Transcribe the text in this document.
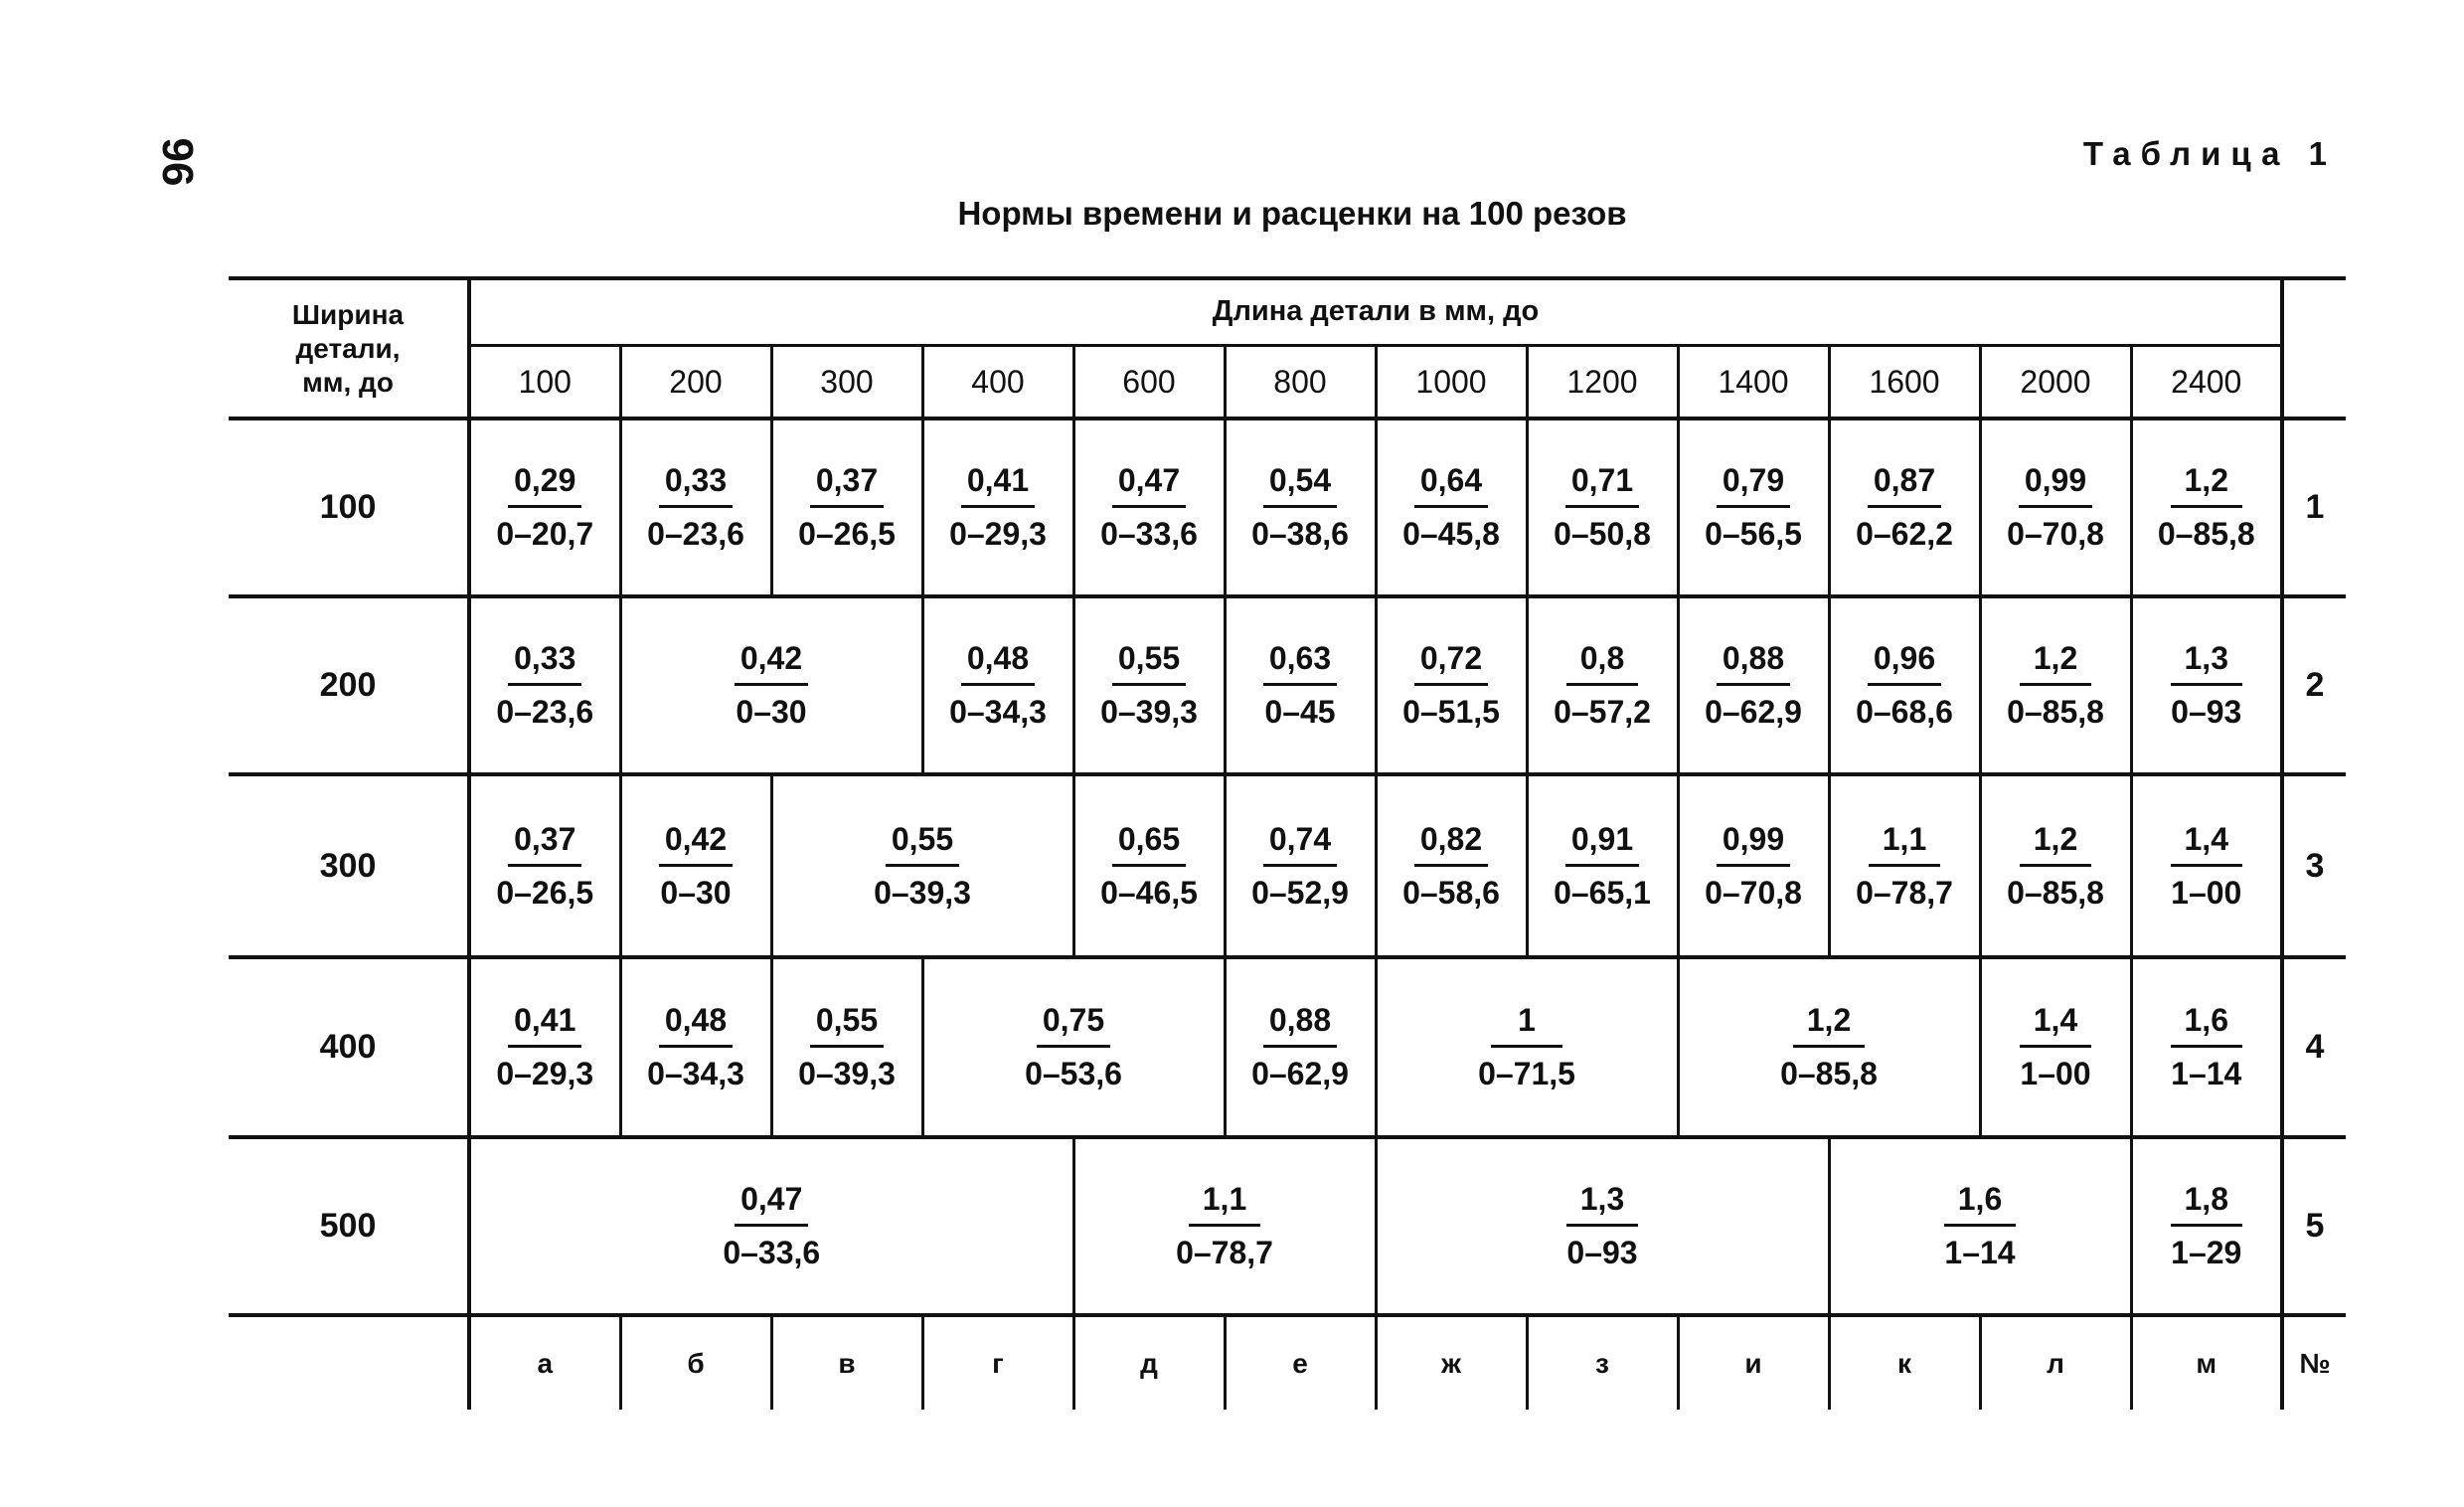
96	Таблица 1
Нормы времени и расценки на 100 резов
Ширина
детали,
мм, до	Длина детали в мм, до												
	100	200	300	400	600	800	1000	1200	1400	1600	2000	2400	
100	$\frac{0,29}{0-20,7}$	$\frac{0,33}{0-23,6}$	$\frac{0,37}{0-26,5}$	$\frac{0,41}{0-29,3}$	$\frac{0,47}{0-33,6}$	$\frac{0,54}{0-38,6}$	$\frac{0,64}{0-45,8}$	$\frac{0,71}{0-50,8}$	$\frac{0,79}{0-56,5}$	$\frac{0,87}{0-62,2}$	$\frac{0,99}{0-70,8}$	$\frac{1,2}{0-85,8}$	1
200	$\frac{0,33}{0-23,6}$	$\frac{0,42}{0-30}$		$\frac{0,48}{0-34,3}$	$\frac{0,55}{0-39,3}$	$\frac{0,63}{0-45}$	$\frac{0,72}{0-51,5}$	$\frac{0,8}{0-57,2}$	$\frac{0,88}{0-62,9}$	$\frac{0,96}{0-68,6}$	$\frac{1,2}{0-85,8}$	$\frac{1,3}{0-93}$	2
300	$\frac{0,37}{0-26,5}$	$\frac{0,42}{0-30}$	$\frac{0,55}{0-39,3}$		$\frac{0,65}{0-46,5}$	$\frac{0,74}{0-52,9}$	$\frac{0,82}{0-58,6}$	$\frac{0,91}{0-65,1}$	$\frac{0,99}{0-70,8}$	$\frac{1,1}{0-78,7}$	$\frac{1,2}{0-85,8}$	$\frac{1,4}{1-00}$	3
400	$\frac{0,41}{0-29,3}$	$\frac{0,48}{0-34,3}$	$\frac{0,55}{0-39,3}$	$\frac{0,75}{0-53,6}$		$\frac{0,88}{0-62,9}$	$\frac{1}{0-71,5}$		$\frac{1,2}{0-85,8}$		$\frac{1,4}{1-00}$	$\frac{1,6}{1-14}$	4
500	$\frac{0,47}{0-33,6}$				$\frac{1,1}{0-78,7}$		$\frac{1,3}{0-93}$			$\frac{1,6}{1-14}$		$\frac{1,8}{1-29}$	5
	а	б	в	г	д	е	ж	з	и	к	л	м	№
